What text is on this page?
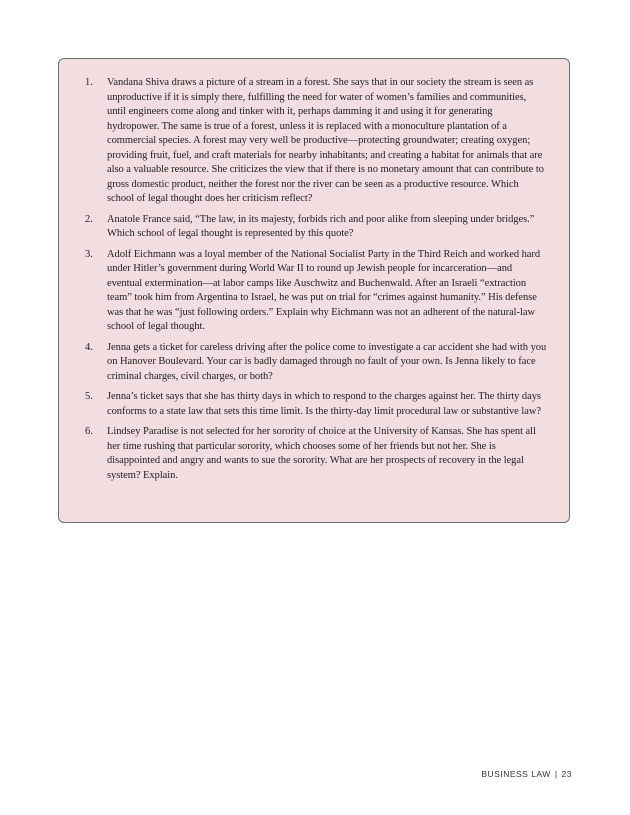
1.	Vandana Shiva draws a picture of a stream in a forest. She says that in our society the stream is seen as unproductive if it is simply there, fulfilling the need for water of women’s families and communities, until engineers come along and tinker with it, perhaps damming it and using it for generating hydropower. The same is true of a forest, unless it is replaced with a monoculture plantation of a commercial species. A forest may very well be productive—protecting groundwater; creating oxygen; providing fruit, fuel, and craft materials for nearby inhabitants; and creating a habitat for animals that are also a valuable resource. She criticizes the view that if there is no monetary amount that can contribute to gross domestic product, neither the forest nor the river can be seen as a productive resource. Which school of legal thought does her criticism reflect?
2.	Anatole France said, “The law, in its majesty, forbids rich and poor alike from sleeping under bridges.” Which school of legal thought is represented by this quote?
3.	Adolf Eichmann was a loyal member of the National Socialist Party in the Third Reich and worked hard under Hitler’s government during World War II to round up Jewish people for incarceration—and eventual extermination—at labor camps like Auschwitz and Buchenwald. After an Israeli “extraction team” took him from Argentina to Israel, he was put on trial for “crimes against humanity.” His defense was that he was “just following orders.” Explain why Eichmann was not an adherent of the natural-law school of legal thought.
4.	Jenna gets a ticket for careless driving after the police come to investigate a car accident she had with you on Hanover Boulevard. Your car is badly damaged through no fault of your own. Is Jenna likely to face criminal charges, civil charges, or both?
5.	Jenna’s ticket says that she has thirty days in which to respond to the charges against her. The thirty days conforms to a state law that sets this time limit. Is the thirty-day limit procedural law or substantive law?
6.	Lindsey Paradise is not selected for her sorority of choice at the University of Kansas. She has spent all her time rushing that particular sorority, which chooses some of her friends but not her. She is disappointed and angry and wants to sue the sorority. What are her prospects of recovery in the legal system? Explain.
BUSINESS LAW | 23
